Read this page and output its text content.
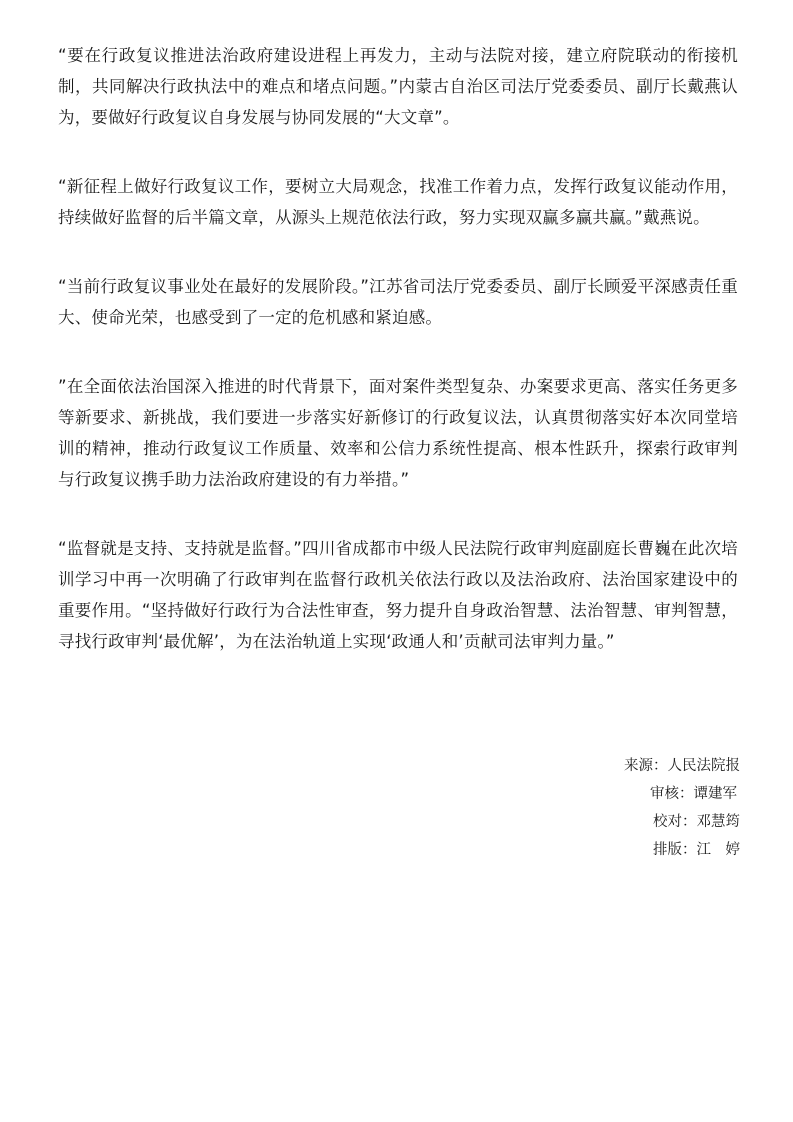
“要在行政复议推进法治政府建设进程上再发力，主动与法院对接，建立府院联动的衔接机制，共同解决行政执法中的难点和堵点问题。”内蒙古自治区司法厅党委委员、副厅长戴燕认为，要做好行政复议自身发展与协同发展的“大文章”。

“新征程上做好行政复议工作，要树立大局观念，找准工作着力点，发挥行政复议能动作用，持续做好监督的后半篇文章，从源头上规范依法行政，努力实现双赢多赢共赢。”戴燕说。

“当前行政复议事业处在最好的发展阶段。”江苏省司法厅党委委员、副厅长顾爱平深感责任重大、使命光荣，也感受到了一定的危机感和紧迫感。

”在全面依法治国深入推进的时代背景下，面对案件类型复杂、办案要求更高、落实任务更多等新要求、新挑战，我们要进一步落实好新修订的行政复议法，认真贯彻落实好本次同堂培训的精神，推动行政复议工作质量、效率和公信力系统性提高、根本性跃升，探索行政审判与行政复议携手助力法治政府建设的有力举措。”

“监督就是支持、支持就是监督。”四川省成都市中级人民法院行政审判庭副庭长曹巍在此次培训学习中再一次明确了行政审判在监督行政机关依法行政以及法治政府、法治国家建设中的重要作用。“坚持做好行政行为合法性审查，努力提升自身政治智慧、法治智慧、审判智慧，寻找行政审判‘最优解’，为在法治轨道上实现‘政通人和’贡献司法审判力量。”

来源：人民法院报
审核：谭建军
校对：邓慧筠
排版：江　婷
